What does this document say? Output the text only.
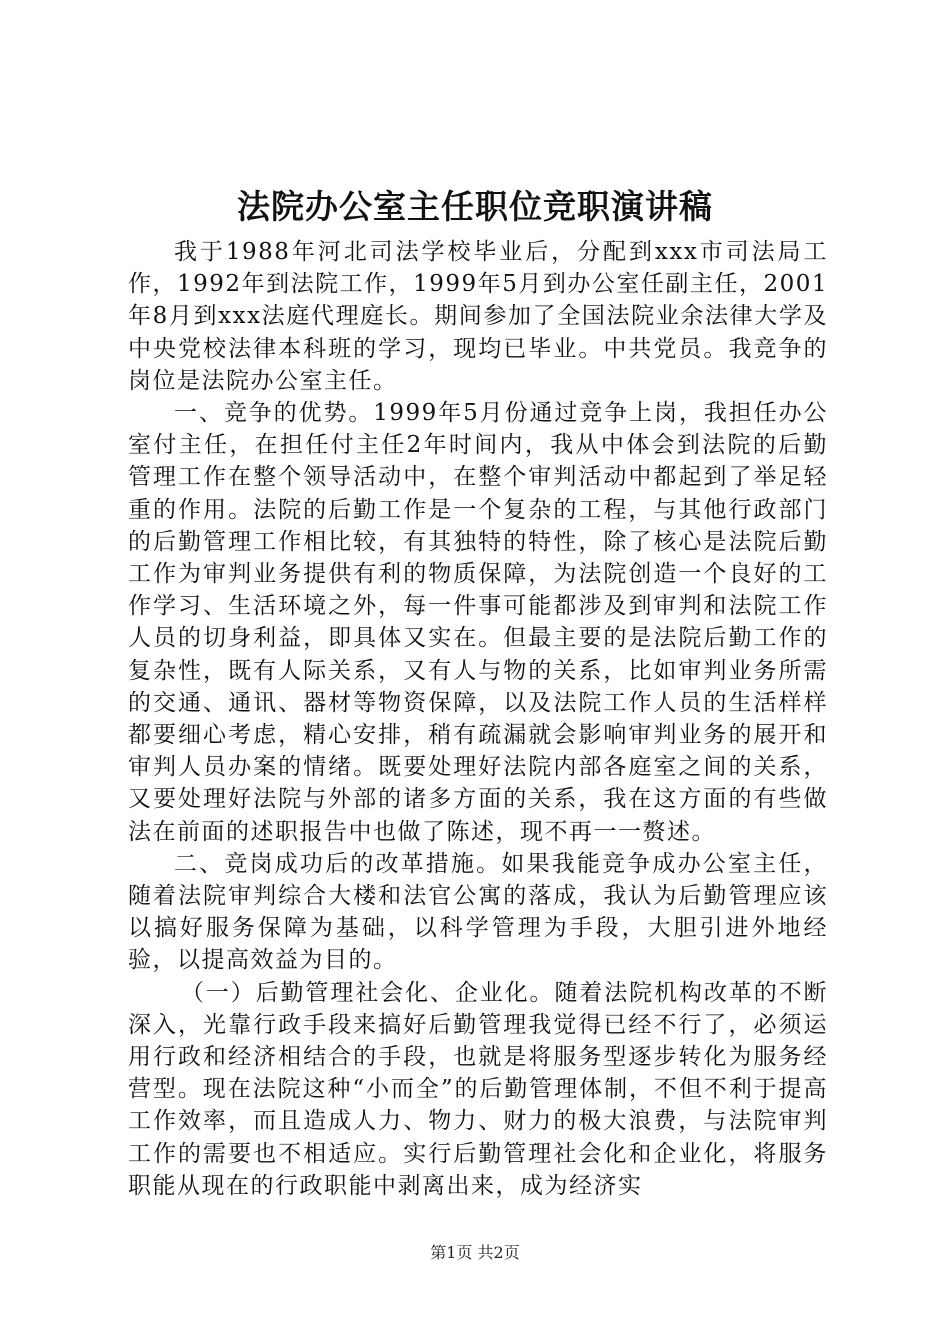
法院办公室主任职位竞职演讲稿

我于1988年河北司法学校毕业后，分配到xxx市司法局工作，1992年到法院工作，1999年5月到办公室任副主任，2001年8月到xxx法庭代理庭长。期间参加了全国法院业余法律大学及中央党校法律本科班的学习，现均已毕业。中共党员。我竞争的岗位是法院办公室主任。

一、竞争的优势。1999年5月份通过竞争上岗，我担任办公室付主任，在担任付主任2年时间内，我从中体会到法院的后勤管理工作在整个领导活动中，在整个审判活动中都起到了举足轻重的作用。法院的后勤工作是一个复杂的工程，与其他行政部门的后勤管理工作相比较，有其独特的特性，除了核心是法院后勤工作为审判业务提供有利的物质保障，为法院创造一个良好的工作学习、生活环境之外，每一件事可能都涉及到审判和法院工作人员的切身利益，即具体又实在。但最主要的是法院后勤工作的复杂性，既有人际关系，又有人与物的关系，比如审判业务所需的交通、通讯、器材等物资保障，以及法院工作人员的生活样样都要细心考虑，精心安排，稍有疏漏就会影响审判业务的展开和审判人员办案的情绪。既要处理好法院内部各庭室之间的关系，又要处理好法院与外部的诸多方面的关系，我在这方面的有些做法在前面的述职报告中也做了陈述，现不再一一赘述。

二、竞岗成功后的改革措施。如果我能竞争成办公室主任，随着法院审判综合大楼和法官公寓的落成，我认为后勤管理应该以搞好服务保障为基础，以科学管理为手段，大胆引进外地经验，以提高效益为目的。

（一）后勤管理社会化、企业化。随着法院机构改革的不断深入，光靠行政手段来搞好后勤管理我觉得已经不行了，必须运用行政和经济相结合的手段，也就是将服务型逐步转化为服务经营型。现在法院这种“小而全”的后勤管理体制，不但不利于提高工作效率，而且造成人力、物力、财力的极大浪费，与法院审判工作的需要也不相适应。实行后勤管理社会化和企业化，将服务职能从现在的行政职能中剥离出来，成为经济实

第1页 共2页
